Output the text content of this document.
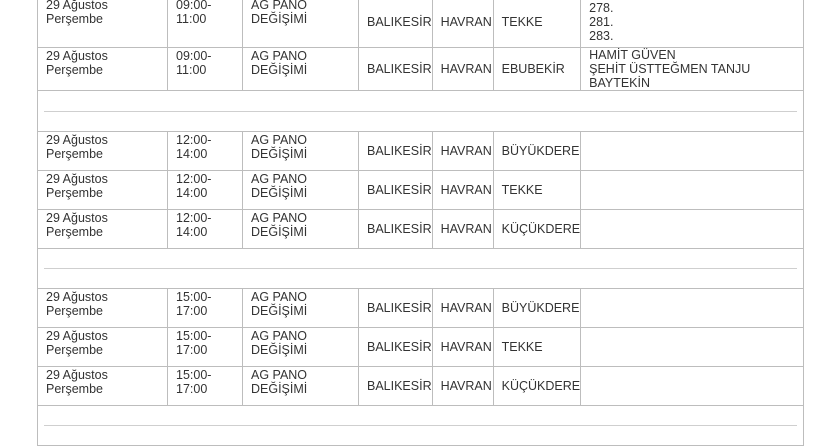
29 Ağustos
Perşembe	09:00-
11:00	AG PANO
DEĞİŞİMİ	BALIKESİR	HAVRAN	TEKKE	278.
281.
283.

29 Ağustos
Perşembe	09:00-
11:00	AG PANO
DEĞİŞİMİ	BALIKESİR	HAVRAN	EBUBEKİR	HAMİT GÜVEN
ŞEHİT ÜSTTEĞMEN TANJU
BAYTEKİN

29 Ağustos
Perşembe	12:00-
14:00	AG PANO
DEĞİŞİMİ	BALIKESİR	HAVRAN	BÜYÜKDERE	

29 Ağustos
Perşembe	12:00-
14:00	AG PANO
DEĞİŞİMİ	BALIKESİR	HAVRAN	TEKKE	

29 Ağustos
Perşembe	12:00-
14:00	AG PANO
DEĞİŞİMİ	BALIKESİR	HAVRAN	KÜÇÜKDERE	

29 Ağustos
Perşembe	15:00-
17:00	AG PANO
DEĞİŞİMİ	BALIKESİR	HAVRAN	BÜYÜKDERE	

29 Ağustos
Perşembe	15:00-
17:00	AG PANO
DEĞİŞİMİ	BALIKESİR	HAVRAN	TEKKE	

29 Ağustos
Perşembe	15:00-
17:00	AG PANO
DEĞİŞİMİ	BALIKESİR	HAVRAN	KÜÇÜKDERE	
